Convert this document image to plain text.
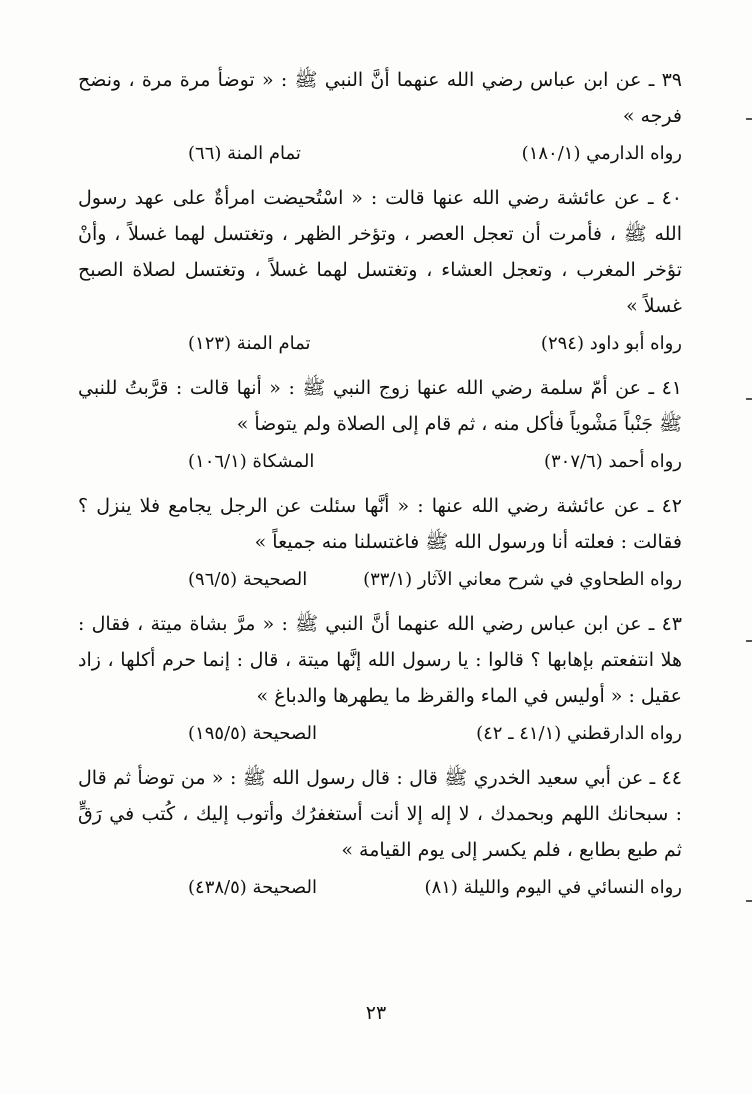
٣٩ ـ عن ابن عباس رضي الله عنهما أنَّ النبي ﷺ : « توضأ مرة مرة ، ونضح فرجه »

رواه الدارمي (١٨٠/١)
تمام المنة (٦٦)

٤٠ ـ عن عائشة رضي الله عنها قالت : « اسْتُحيضت امرأةٌ على عهد رسول الله ﷺ ، فأمرت أن تعجل العصر ، وتؤخر الظهر ، وتغتسل لهما غسلاً ، وأنْ تؤخر المغرب ، وتعجل العشاء ، وتغتسل لهما غسلاً ، وتغتسل لصلاة الصبح غسلاً »

رواه أبو داود (٢٩٤)
تمام المنة (١٢٣)

٤١ ـ عن أمّ سلمة رضي الله عنها زوج النبي ﷺ : « أنها قالت : قرَّبتُ للنبي ﷺ جَنْباً مَشْوياً فأكل منه ، ثم قام إلى الصلاة ولم يتوضأ »

رواه أحمد (٣٠٧/٦)
المشكاة (١٠٦/١)

٤٢ ـ عن عائشة رضي الله عنها : « أنَّها سئلت عن الرجل يجامع فلا ينزل ؟ فقالت : فعلته أنا ورسول الله ﷺ فاغتسلنا منه جميعاً »

رواه الطحاوي في شرح معاني الآثار (٣٣/١)
الصحيحة (٩٦/٥)

٤٣ ـ عن ابن عباس رضي الله عنهما أنَّ النبي ﷺ : « مرَّ بشاة ميتة ، فقال : هلا انتفعتم بإهابها ؟ قالوا : يا رسول الله إنَّها ميتة ، قال : إنما حرم أكلها ، زاد عقيل : « أوليس في الماء والقرظ ما يطهرها والدباغ »

رواه الدارقطني (٤١/١ ـ ٤٢)
الصحيحة (١٩٥/٥)

٤٤ ـ عن أبي سعيد الخدري ﷺ قال : قال رسول الله ﷺ : « من توضأ ثم قال : سبحانك اللهم وبحمدك ، لا إله إلا أنت أستغفرُك وأتوب إليك ، كُتب في رَقٍّ ثم طبع بطابع ، فلم يكسر إلى يوم القيامة »

رواه النسائي في اليوم والليلة (٨١)
الصحيحة (٤٣٨/٥)
٢٣
